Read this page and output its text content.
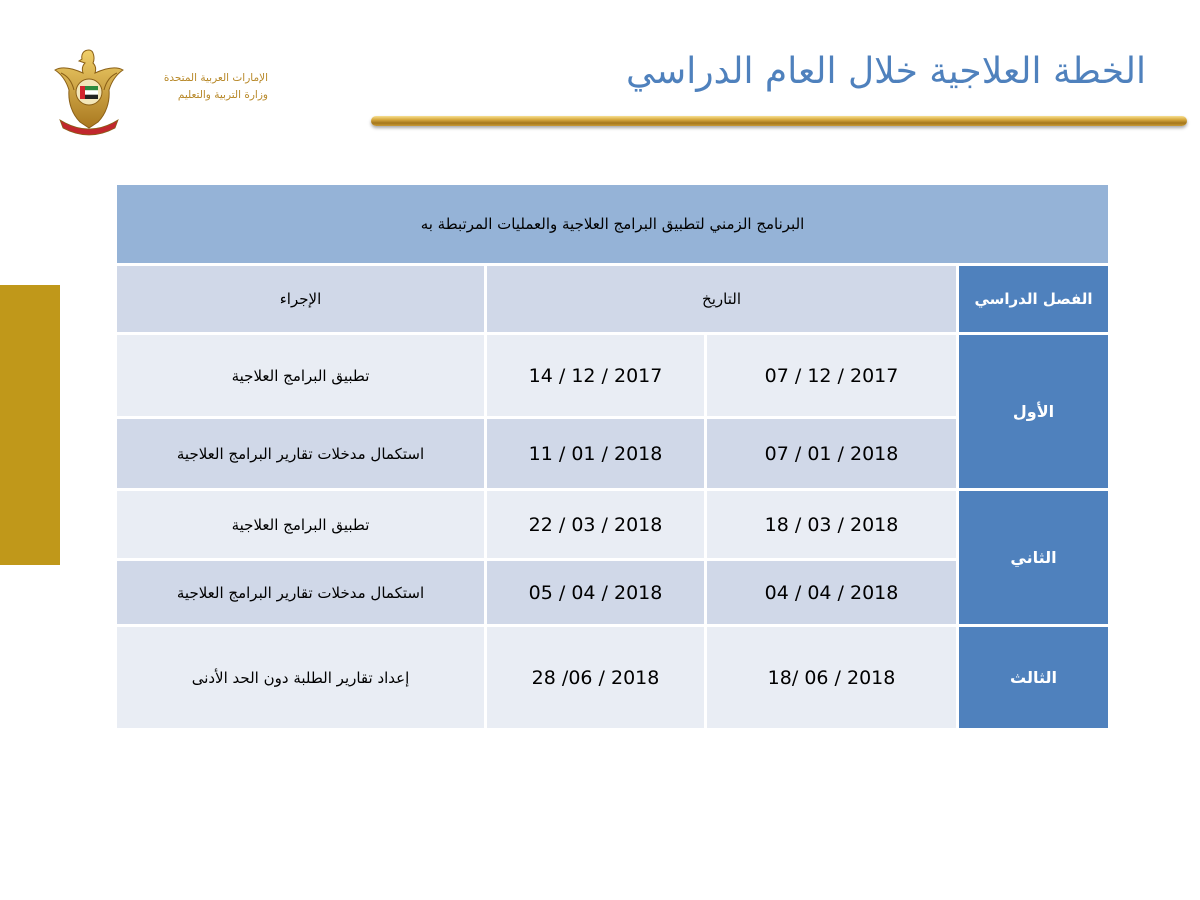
الإمارات العربية المتحدة
وزارة التربية والتعليم
الخطة العلاجية خلال العام الدراسي
البرنامج الزمني لتطبيق البرامج العلاجية والعمليات المرتبطة به			
الفصل الدراسي	التاريخ		الإجراء
الأول	2017 / 12 / 07	2017 / 12 / 14	تطبيق البرامج العلاجية
	2018 / 01 / 07	2018 / 01 / 11	استكمال مدخلات تقارير البرامج العلاجية
الثاني	2018 / 03 / 18	2018 / 03 / 22	تطبيق البرامج العلاجية
	2018 / 04 / 04	2018 / 04 / 05	استكمال مدخلات تقارير البرامج العلاجية
الثالث	2018 / 06 /18	2018 / 06/ 28	إعداد تقارير الطلبة دون الحد الأدنى
